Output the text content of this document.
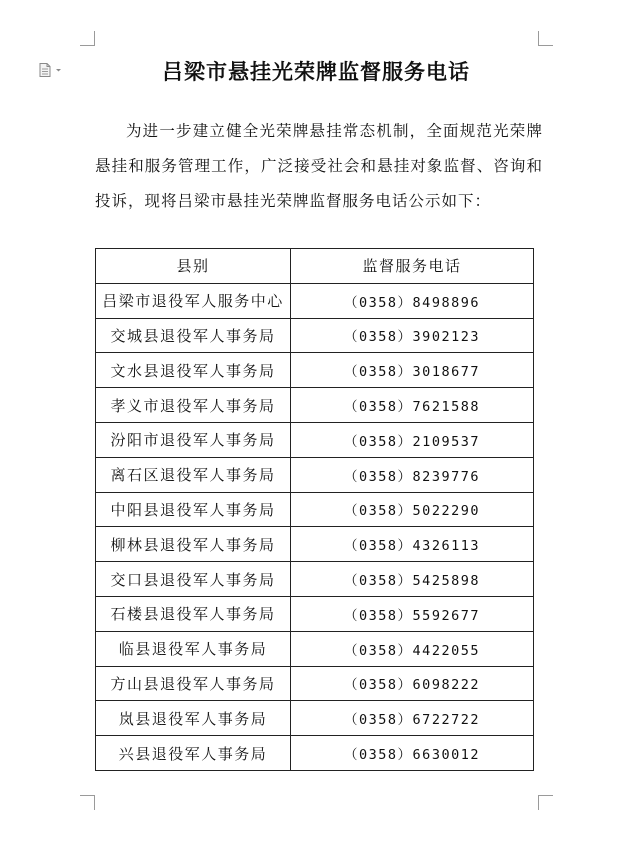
吕梁市悬挂光荣牌监督服务电话

为进一步建立健全光荣牌悬挂常态机制，全面规范光荣牌悬挂和服务管理工作，广泛接受社会和悬挂对象监督、咨询和投诉，现将吕梁市悬挂光荣牌监督服务电话公示如下：

县别	监督服务电话
吕梁市退役军人服务中心	（0358）8498896
交城县退役军人事务局	（0358）3902123
文水县退役军人事务局	（0358）3018677
孝义市退役军人事务局	（0358）7621588
汾阳市退役军人事务局	（0358）2109537
离石区退役军人事务局	（0358）8239776
中阳县退役军人事务局	（0358）5022290
柳林县退役军人事务局	（0358）4326113
交口县退役军人事务局	（0358）5425898
石楼县退役军人事务局	（0358）5592677
临县退役军人事务局	（0358）4422055
方山县退役军人事务局	（0358）6098222
岚县退役军人事务局	（0358）6722722
兴县退役军人事务局	（0358）6630012
